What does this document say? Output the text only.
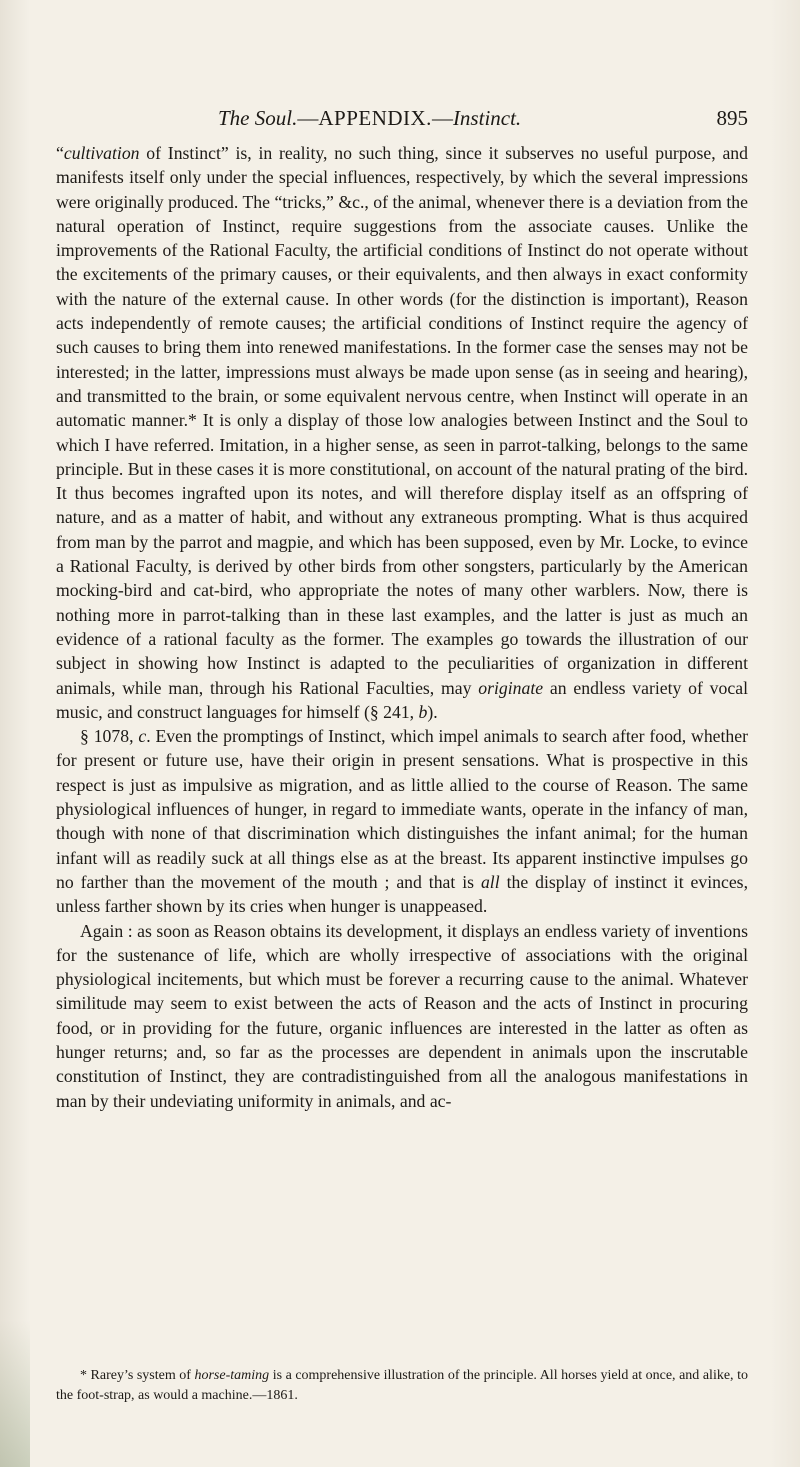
The Soul.—APPENDIX.—Instinct.	895

“cultivation of Instinct” is, in reality, no such thing, since it subserves no useful purpose, and manifests itself only under the special influences, respectively, by which the several impressions were originally produced. The “tricks,” &c., of the animal, whenever there is a deviation from the natural operation of Instinct, require suggestions from the associate causes. Unlike the improvements of the Rational Faculty, the artificial conditions of Instinct do not operate without the excitements of the primary causes, or their equivalents, and then always in exact conformity with the nature of the external cause. In other words (for the distinction is important), Reason acts independently of remote causes; the artificial conditions of Instinct require the agency of such causes to bring them into renewed manifestations. In the former case the senses may not be interested; in the latter, impressions must always be made upon sense (as in seeing and hearing), and transmitted to the brain, or some equivalent nervous centre, when Instinct will operate in an automatic manner.* It is only a display of those low analogies between Instinct and the Soul to which I have referred. Imitation, in a higher sense, as seen in parrot-talking, belongs to the same principle. But in these cases it is more constitutional, on account of the natural prating of the bird. It thus becomes ingrafted upon its notes, and will therefore display itself as an offspring of nature, and as a matter of habit, and without any extraneous prompting. What is thus acquired from man by the parrot and magpie, and which has been supposed, even by Mr. Locke, to evince a Rational Faculty, is derived by other birds from other songsters, particularly by the American mocking-bird and cat-bird, who appropriate the notes of many other warblers. Now, there is nothing more in parrot-talking than in these last examples, and the latter is just as much an evidence of a rational faculty as the former. The examples go towards the illustration of our subject in showing how Instinct is adapted to the peculiarities of organization in different animals, while man, through his Rational Faculties, may originate an endless variety of vocal music, and construct languages for himself (§ 241, b).

§ 1078, c. Even the promptings of Instinct, which impel animals to search after food, whether for present or future use, have their origin in present sensations. What is prospective in this respect is just as impulsive as migration, and as little allied to the course of Reason. The same physiological influences of hunger, in regard to immediate wants, operate in the infancy of man, though with none of that discrimination which distinguishes the infant animal; for the human infant will as readily suck at all things else as at the breast. Its apparent instinctive impulses go no farther than the movement of the mouth ; and that is all the display of instinct it evinces, unless farther shown by its cries when hunger is unappeased.

Again : as soon as Reason obtains its development, it displays an endless variety of inventions for the sustenance of life, which are wholly irrespective of associations with the original physiological incitements, but which must be forever a recurring cause to the animal. Whatever similitude may seem to exist between the acts of Reason and the acts of Instinct in procuring food, or in providing for the future, organic influences are interested in the latter as often as hunger returns; and, so far as the processes are dependent in animals upon the inscrutable constitution of Instinct, they are contradistinguished from all the analogous manifestations in man by their undeviating uniformity in animals, and ac-

* Rarey’s system of horse-taming is a comprehensive illustration of the principle. All horses yield at once, and alike, to the foot-strap, as would a machine.—1861.
